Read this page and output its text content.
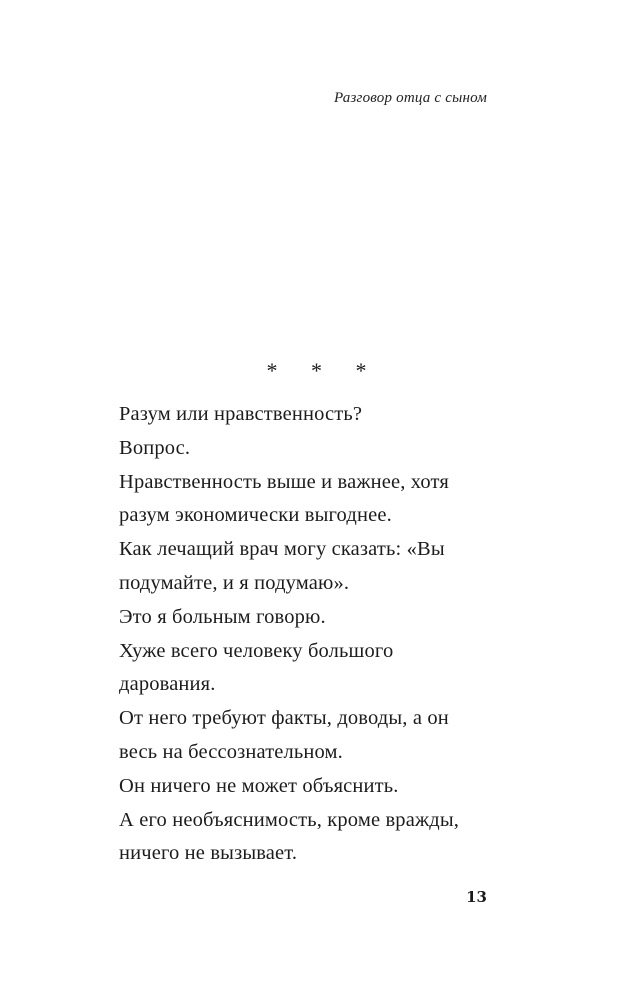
Разговор отца с сыном
* * *
Разум или нравственность?
Вопрос.
Нравственность выше и важнее, хотя
разум экономически выгоднее.
Как лечащий врач могу сказать: «Вы
подумайте, и я подумаю».
Это я больным говорю.
Хуже всего человеку большого
дарования.
От него требуют факты, доводы, а он
весь на бессознательном.
Он ничего не может объяснить.
А его необъяснимость, кроме вражды,
ничего не вызывает.
13
